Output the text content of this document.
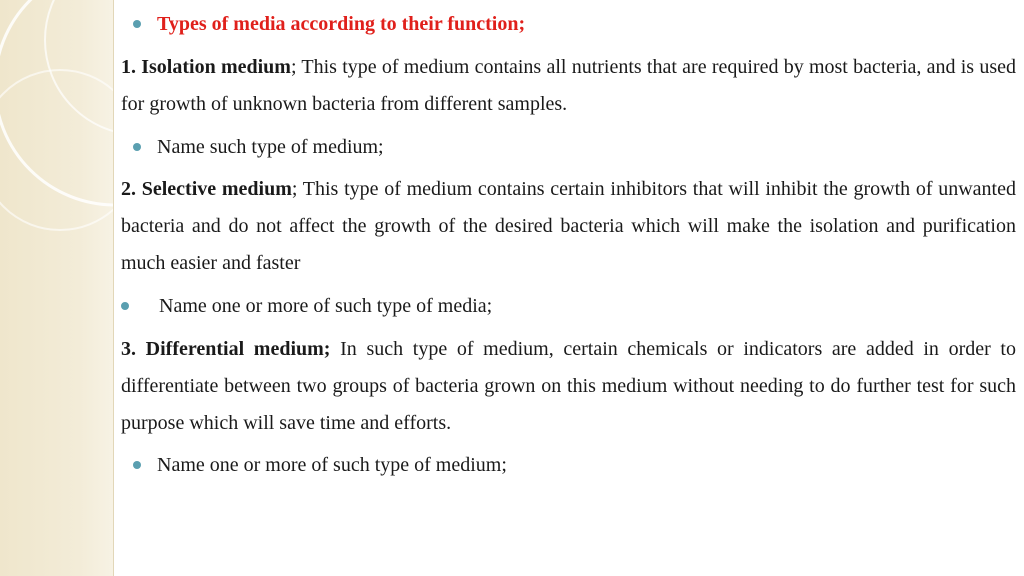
Types of media according to their function;
1. Isolation medium; This type of medium contains all nutrients that are required by most bacteria, and is used for growth of unknown bacteria from different samples.
Name such type of medium;
2. Selective medium; This type of medium contains certain inhibitors that will inhibit the growth of unwanted bacteria and do not affect the growth of the desired bacteria which will make the isolation and purification much easier and faster
Name one or more of such type of media;
3. Differential medium; In such type of medium, certain chemicals or indicators are added in order to differentiate between two groups of bacteria grown on this medium without needing to do further test for such purpose which will save time and efforts.
Name one or more of such type of medium;
